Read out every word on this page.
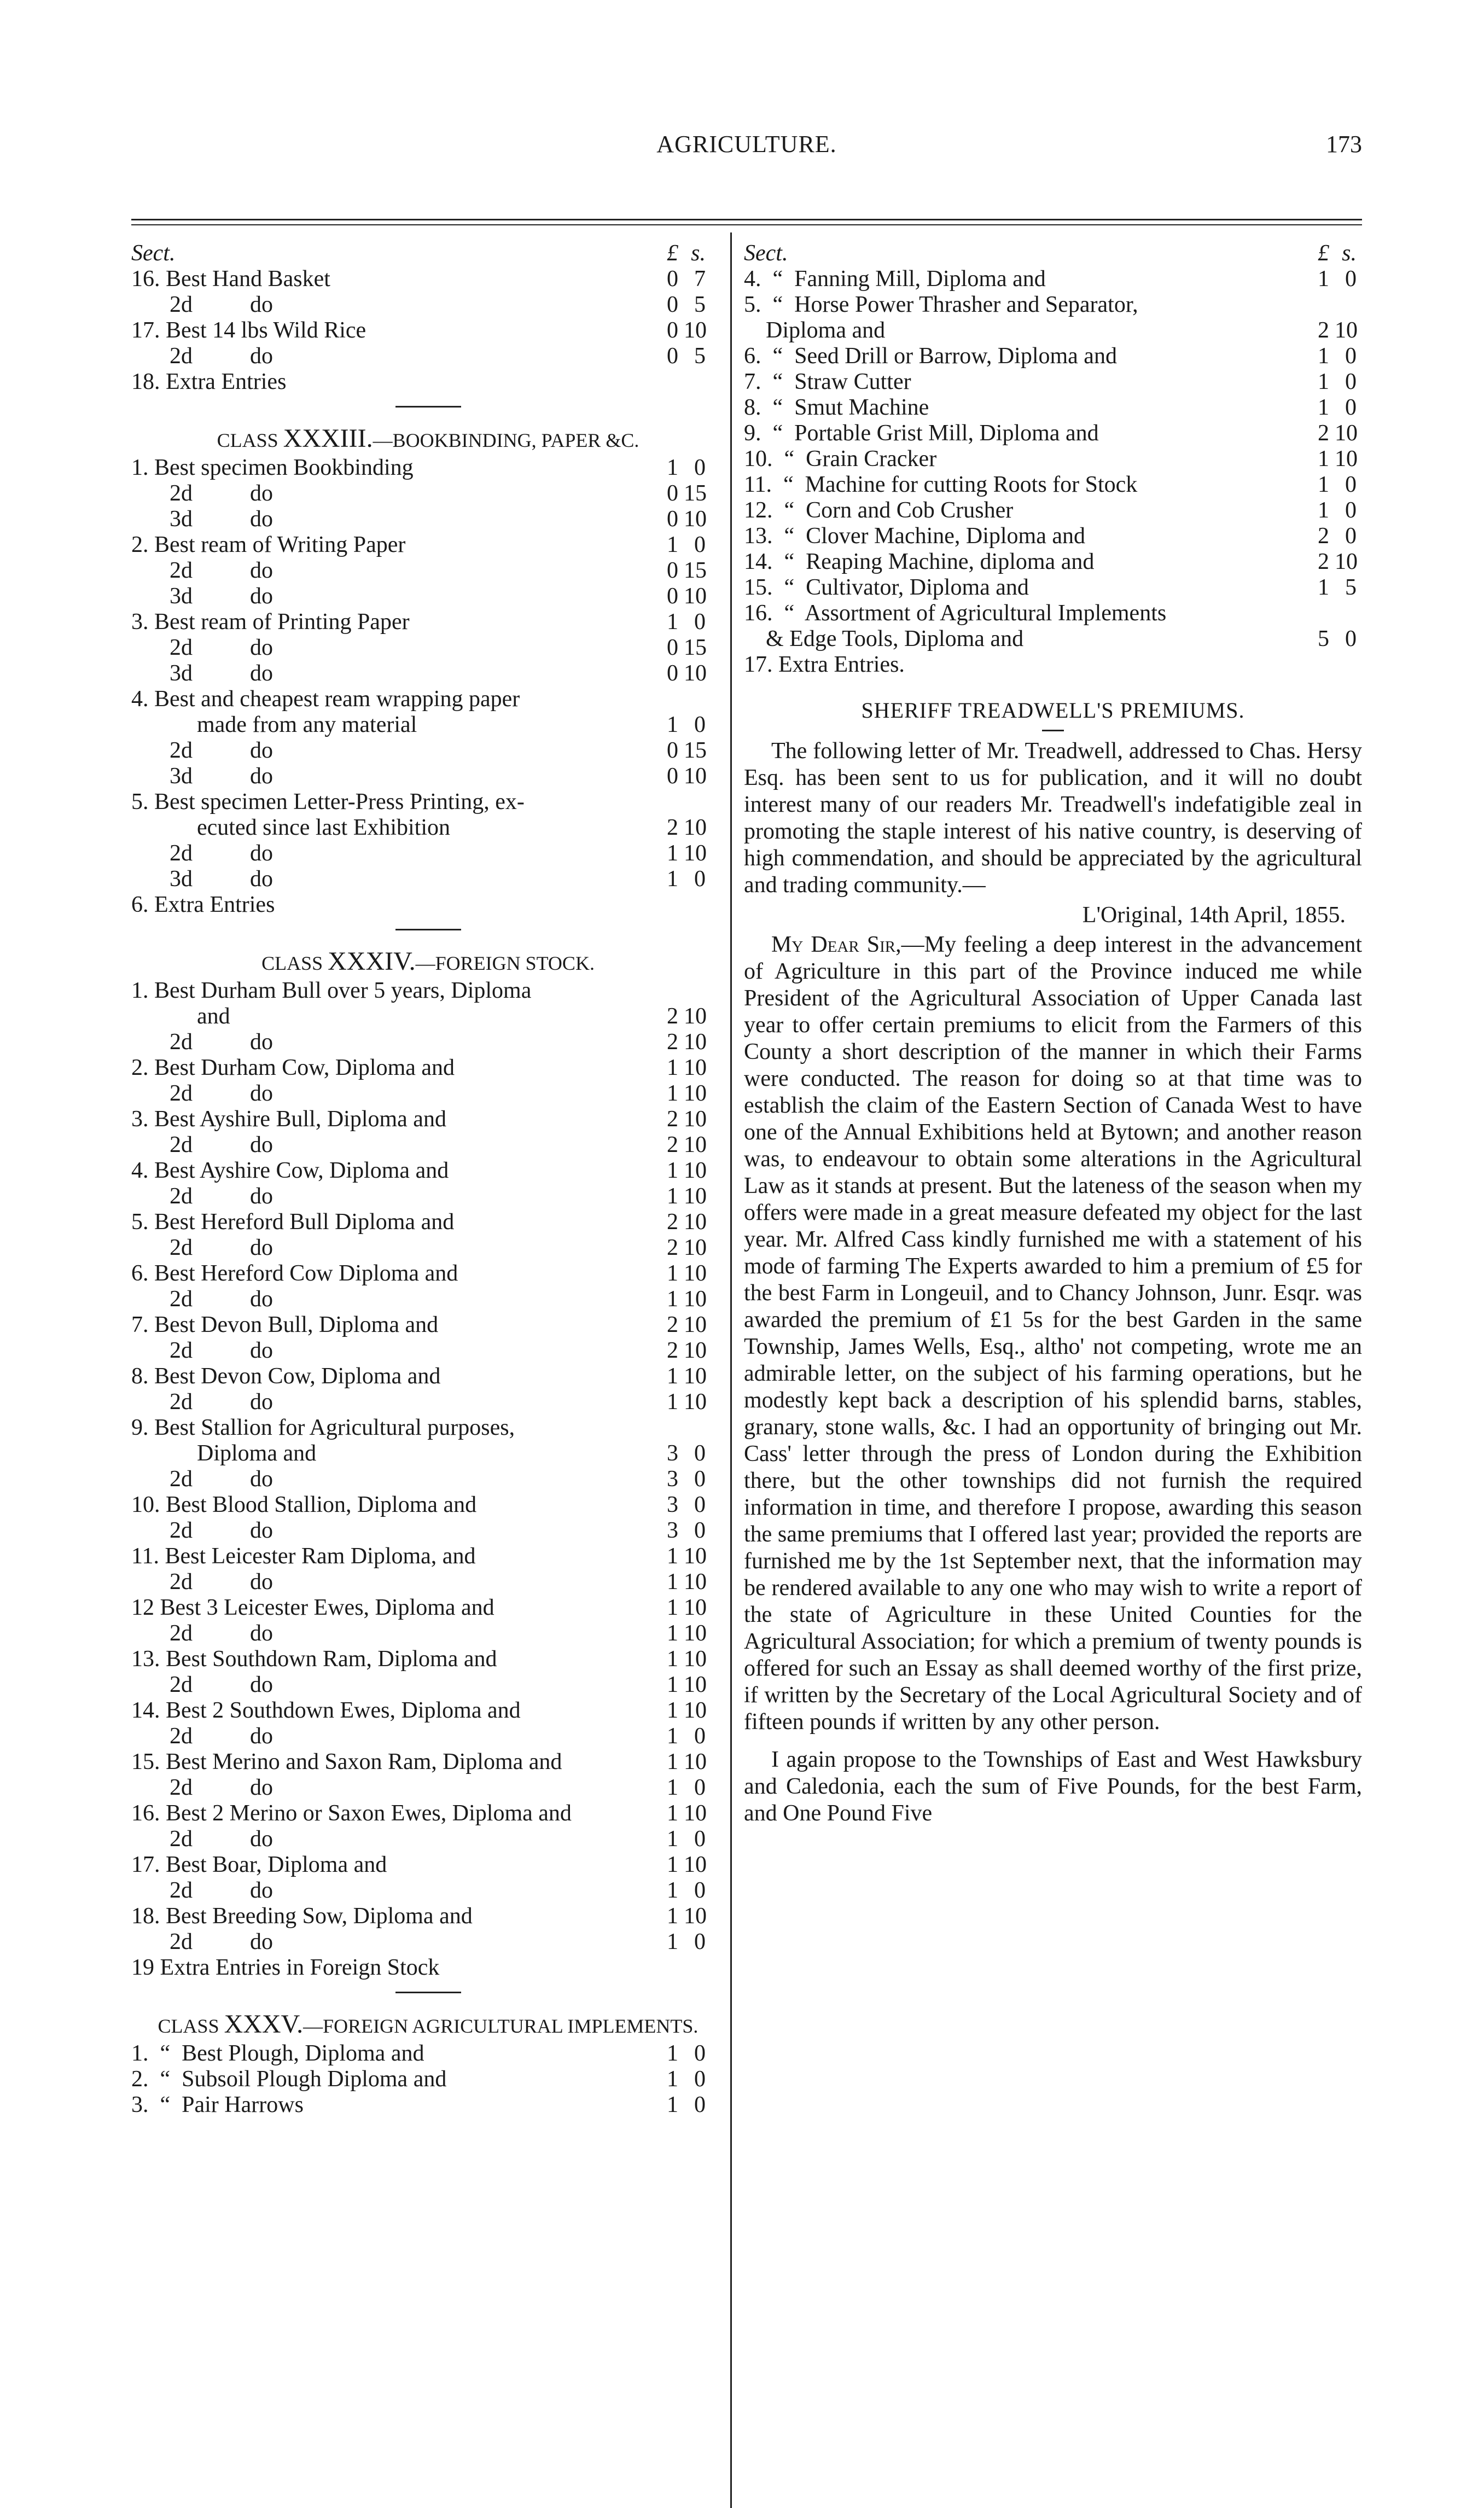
AGRICULTURE.	173
Sect.	£ s.
16. Best Hand Basket	0 7
2d          do	0 5
17. Best 14 lbs Wild Rice	0 10
2d          do	0 5
18. Extra Entries
CLASS XXXIII.—BOOKBINDING, PAPER &C.
1. Best specimen Bookbinding	1 0
2d          do	0 15
3d          do	0 10
2. Best ream of Writing Paper	1 0
2d          do	0 15
3d          do	0 10
3. Best ream of Printing Paper	1 0
2d          do	0 15
3d          do	0 10
4. Best and cheapest ream wrapping paper
made from any material	1 0
2d          do	0 15
3d          do	0 10
5. Best specimen Letter-Press Printing, ex-
ecuted since last Exhibition	2 10
2d          do	1 10
3d          do	1 0
6. Extra Entries
CLASS XXXIV.—FOREIGN STOCK.
1. Best Durham Bull over 5 years, Diploma
and	2 10
2d          do	2 10
2. Best Durham Cow, Diploma and	1 10
2d          do	1 10
3. Best Ayshire Bull, Diploma and	2 10
2d          do	2 10
4. Best Ayshire Cow, Diploma and	1 10
2d          do	1 10
5. Best Hereford Bull Diploma and	2 10
2d          do	2 10
6. Best Hereford Cow Diploma and	1 10
2d          do	1 10
7. Best Devon Bull, Diploma and	2 10
2d          do	2 10
8. Best Devon Cow, Diploma and	1 10
2d          do	1 10
9. Best Stallion for Agricultural purposes,
Diploma and	3 0
2d          do	3 0
10. Best Blood Stallion, Diploma and	3 0
2d          do	3 0
11. Best Leicester Ram Diploma, and	1 10
2d          do	1 10
12 Best 3 Leicester Ewes, Diploma and	1 10
2d          do	1 10
13. Best Southdown Ram, Diploma and	1 10
2d          do	1 10
14. Best 2 Southdown Ewes, Diploma and	1 10
2d          do	1 0
15. Best Merino and Saxon Ram, Diploma and	1 10
2d          do	1 0
16. Best 2 Merino or Saxon Ewes, Diploma and	1 10
2d          do	1 0
17. Best Boar, Diploma and	1 10
2d          do	1 0
18. Best Breeding Sow, Diploma and	1 10
2d          do	1 0
19 Extra Entries in Foreign Stock
CLASS XXXV.—FOREIGN AGRICULTURAL IMPLEMENTS.
1.  “  Best Plough, Diploma and	1 0
2.  “  Subsoil Plough Diploma and	1 0
3.  “  Pair Harrows	1 0
Sect.	£ s.
4.  “  Fanning Mill, Diploma and	1 0
5.  “  Horse Power Thrasher and Separator,
Diploma and	2 10
6.  “  Seed Drill or Barrow, Diploma and	1 0
7.  “  Straw Cutter	1 0
8.  “  Smut Machine	1 0
9.  “  Portable Grist Mill, Diploma and	2 10
10.  “  Grain Cracker	1 10
11.  “  Machine for cutting Roots for Stock	1 0
12.  “  Corn and Cob Crusher	1 0
13.  “  Clover Machine, Diploma and	2 0
14.  “  Reaping Machine, diploma and	2 10
15.  “  Cultivator, Diploma and	1 5
16.  “  Assortment of Agricultural Implements
& Edge Tools, Diploma and	5 0
17. Extra Entries.
SHERIFF TREADWELL'S PREMIUMS.

The following letter of Mr. Treadwell, addressed to Chas. Hersy Esq. has been sent to us for publication, and it will no doubt interest many of our readers Mr. Treadwell's indefatigible zeal in promoting the staple interest of his native country, is deserving of high commendation, and should be appreciated by the agricultural and trading community.—

L'Original, 14th April, 1855.

My Dear Sir,—My feeling a deep interest in the advancement of Agriculture in this part of the Province induced me while President of the Agricultural Association of Upper Canada last year to offer certain premiums to elicit from the Farmers of this County a short description of the manner in which their Farms were conducted. The reason for doing so at that time was to establish the claim of the Eastern Section of Canada West to have one of the Annual Exhibitions held at Bytown; and another reason was, to endeavour to obtain some alterations in the Agricultural Law as it stands at present. But the lateness of the season when my offers were made in a great measure defeated my object for the last year. Mr. Alfred Cass kindly furnished me with a statement of his mode of farming The Experts awarded to him a premium of £5 for the best Farm in Longeuil, and to Chancy Johnson, Junr. Esqr. was awarded the premium of £1 5s for the best Garden in the same Township, James Wells, Esq., altho' not competing, wrote me an admirable letter, on the subject of his farming operations, but he modestly kept back a description of his splendid barns, stables, granary, stone walls, &c. I had an opportunity of bringing out Mr. Cass' letter through the press of London during the Exhibition there, but the other townships did not furnish the required information in time, and therefore I propose, awarding this season the same premiums that I offered last year; provided the reports are furnished me by the 1st September next, that the information may be rendered available to any one who may wish to write a report of the state of Agriculture in these United Counties for the Agricultural Association; for which a premium of twenty pounds is offered for such an Essay as shall deemed worthy of the first prize, if written by the Secretary of the Local Agricultural Society and of fifteen pounds if written by any other person.

I again propose to the Townships of East and West Hawksbury and Caledonia, each the sum of Five Pounds, for the best Farm, and One Pound Five
